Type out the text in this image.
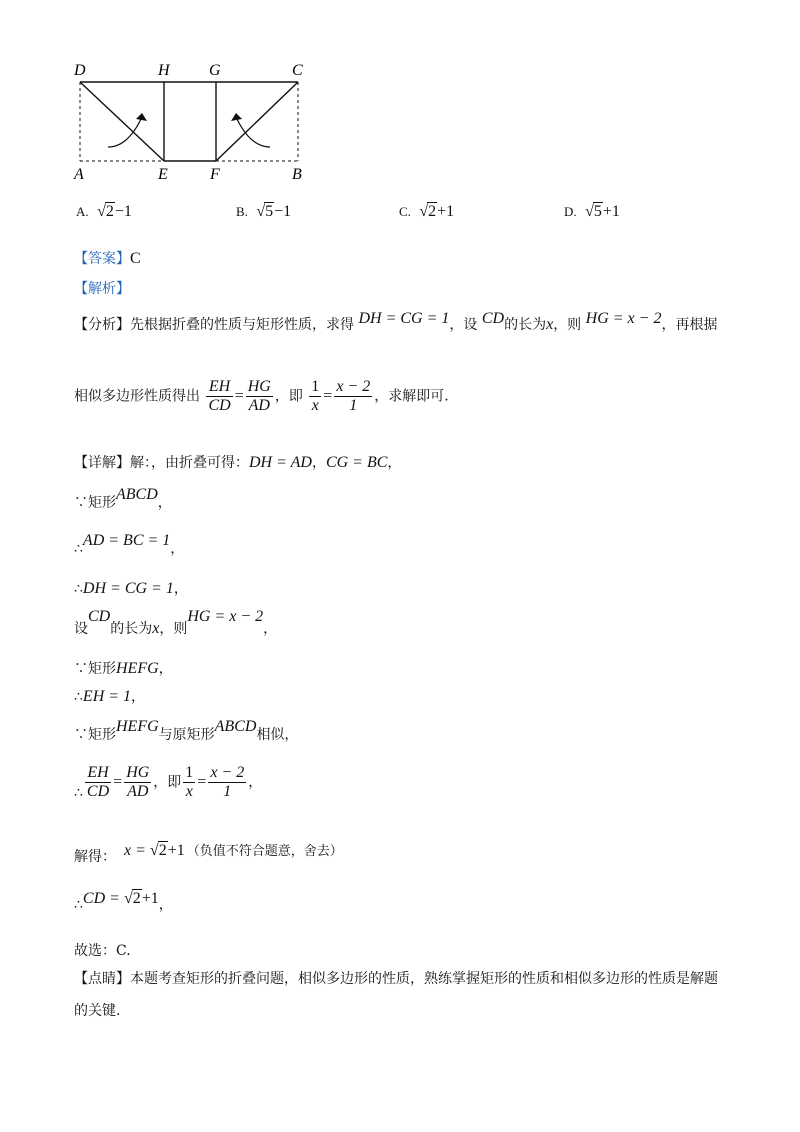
D	H G	C
A	E	F	B
A. √2−1	B. √5−1	C. √2+1	D. √5+1
【答案】C
【解析】
【分析】先根据折叠的性质与矩形性质，求得 DH = CG = 1，设 CD的长为x，则 HG = x − 2，再根据
相似多边形性质得出 $\frac{EH}{CD} = \frac{HG}{AD}$ ，即 $\frac{1}{x} = \frac{x - 2}{1}$ ，求解即可.
【详解】解：，由折叠可得：DH = AD，CG = BC，
∵矩形ABCD，
∴AD = BC = 1，
∴DH = CG = 1，
设CD的长为x，则HG = x − 2，
∵矩形HEFG，
∴EH = 1，
∵矩形HEFG与原矩形ABCD相似，
∴ $\frac{EH}{CD} = \frac{HG}{AD}$ ，即 $\frac{1}{x} = \frac{x - 2}{1}$ ，
解得： x = √2+1 （负值不符合题意，舍去）
∴CD = √2+1，
故选：C.
【点睛】本题考查矩形的折叠问题，相似多边形的性质，熟练掌握矩形的性质和相似多边形的性质是解题
的关键.
